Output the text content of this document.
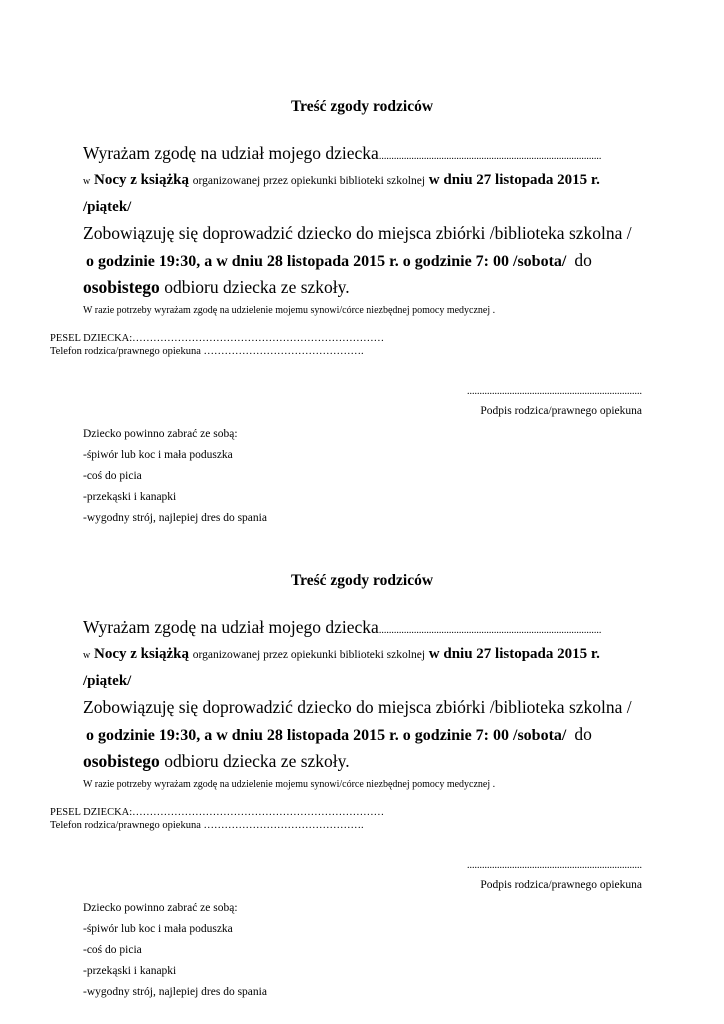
Treść zgody rodziców
Wyrażam zgodę na udział mojego dziecka.........................................................................................
w Nocy z książką organizowanej przez opiekunki biblioteki szkolnej w dniu 27 listopada 2015 r.
/piątek/
Zobowiązuję się doprowadzić dziecko do miejsca zbiórki /biblioteka szkolna /
o godzinie 19:30, a w dniu 28 listopada 2015 r. o godzinie 7: 00 /sobota/ do
osobistego odbioru dziecka ze szkoły.
W razie potrzeby wyrażam zgodę na udzielenie mojemu synowi/córce niezbędnej pomocy medycznej .
PESEL DZIECKA:………………………………………………………………
Telefon rodzica/prawnego opiekuna ……………………………………….
......................................................................
Podpis rodzica/prawnego opiekuna
Dziecko powinno zabrać ze sobą:
-śpiwór lub koc i mała poduszka
-coś do picia
-przekąski i kanapki
-wygodny strój, najlepiej dres do spania
Treść zgody rodziców
Wyrażam zgodę na udział mojego dziecka.........................................................................................
w Nocy z książką organizowanej przez opiekunki biblioteki szkolnej w dniu 27 listopada 2015 r.
/piątek/
Zobowiązuję się doprowadzić dziecko do miejsca zbiórki /biblioteka szkolna /
o godzinie 19:30, a w dniu 28 listopada 2015 r. o godzinie 7: 00 /sobota/ do
osobistego odbioru dziecka ze szkoły.
W razie potrzeby wyrażam zgodę na udzielenie mojemu synowi/córce niezbędnej pomocy medycznej .
PESEL DZIECKA:………………………………………………………………
Telefon rodzica/prawnego opiekuna ……………………………………….
......................................................................
Podpis rodzica/prawnego opiekuna
Dziecko powinno zabrać ze sobą:
-śpiwór lub koc i mała poduszka
-coś do picia
-przekąski i kanapki
-wygodny strój, najlepiej dres do spania
